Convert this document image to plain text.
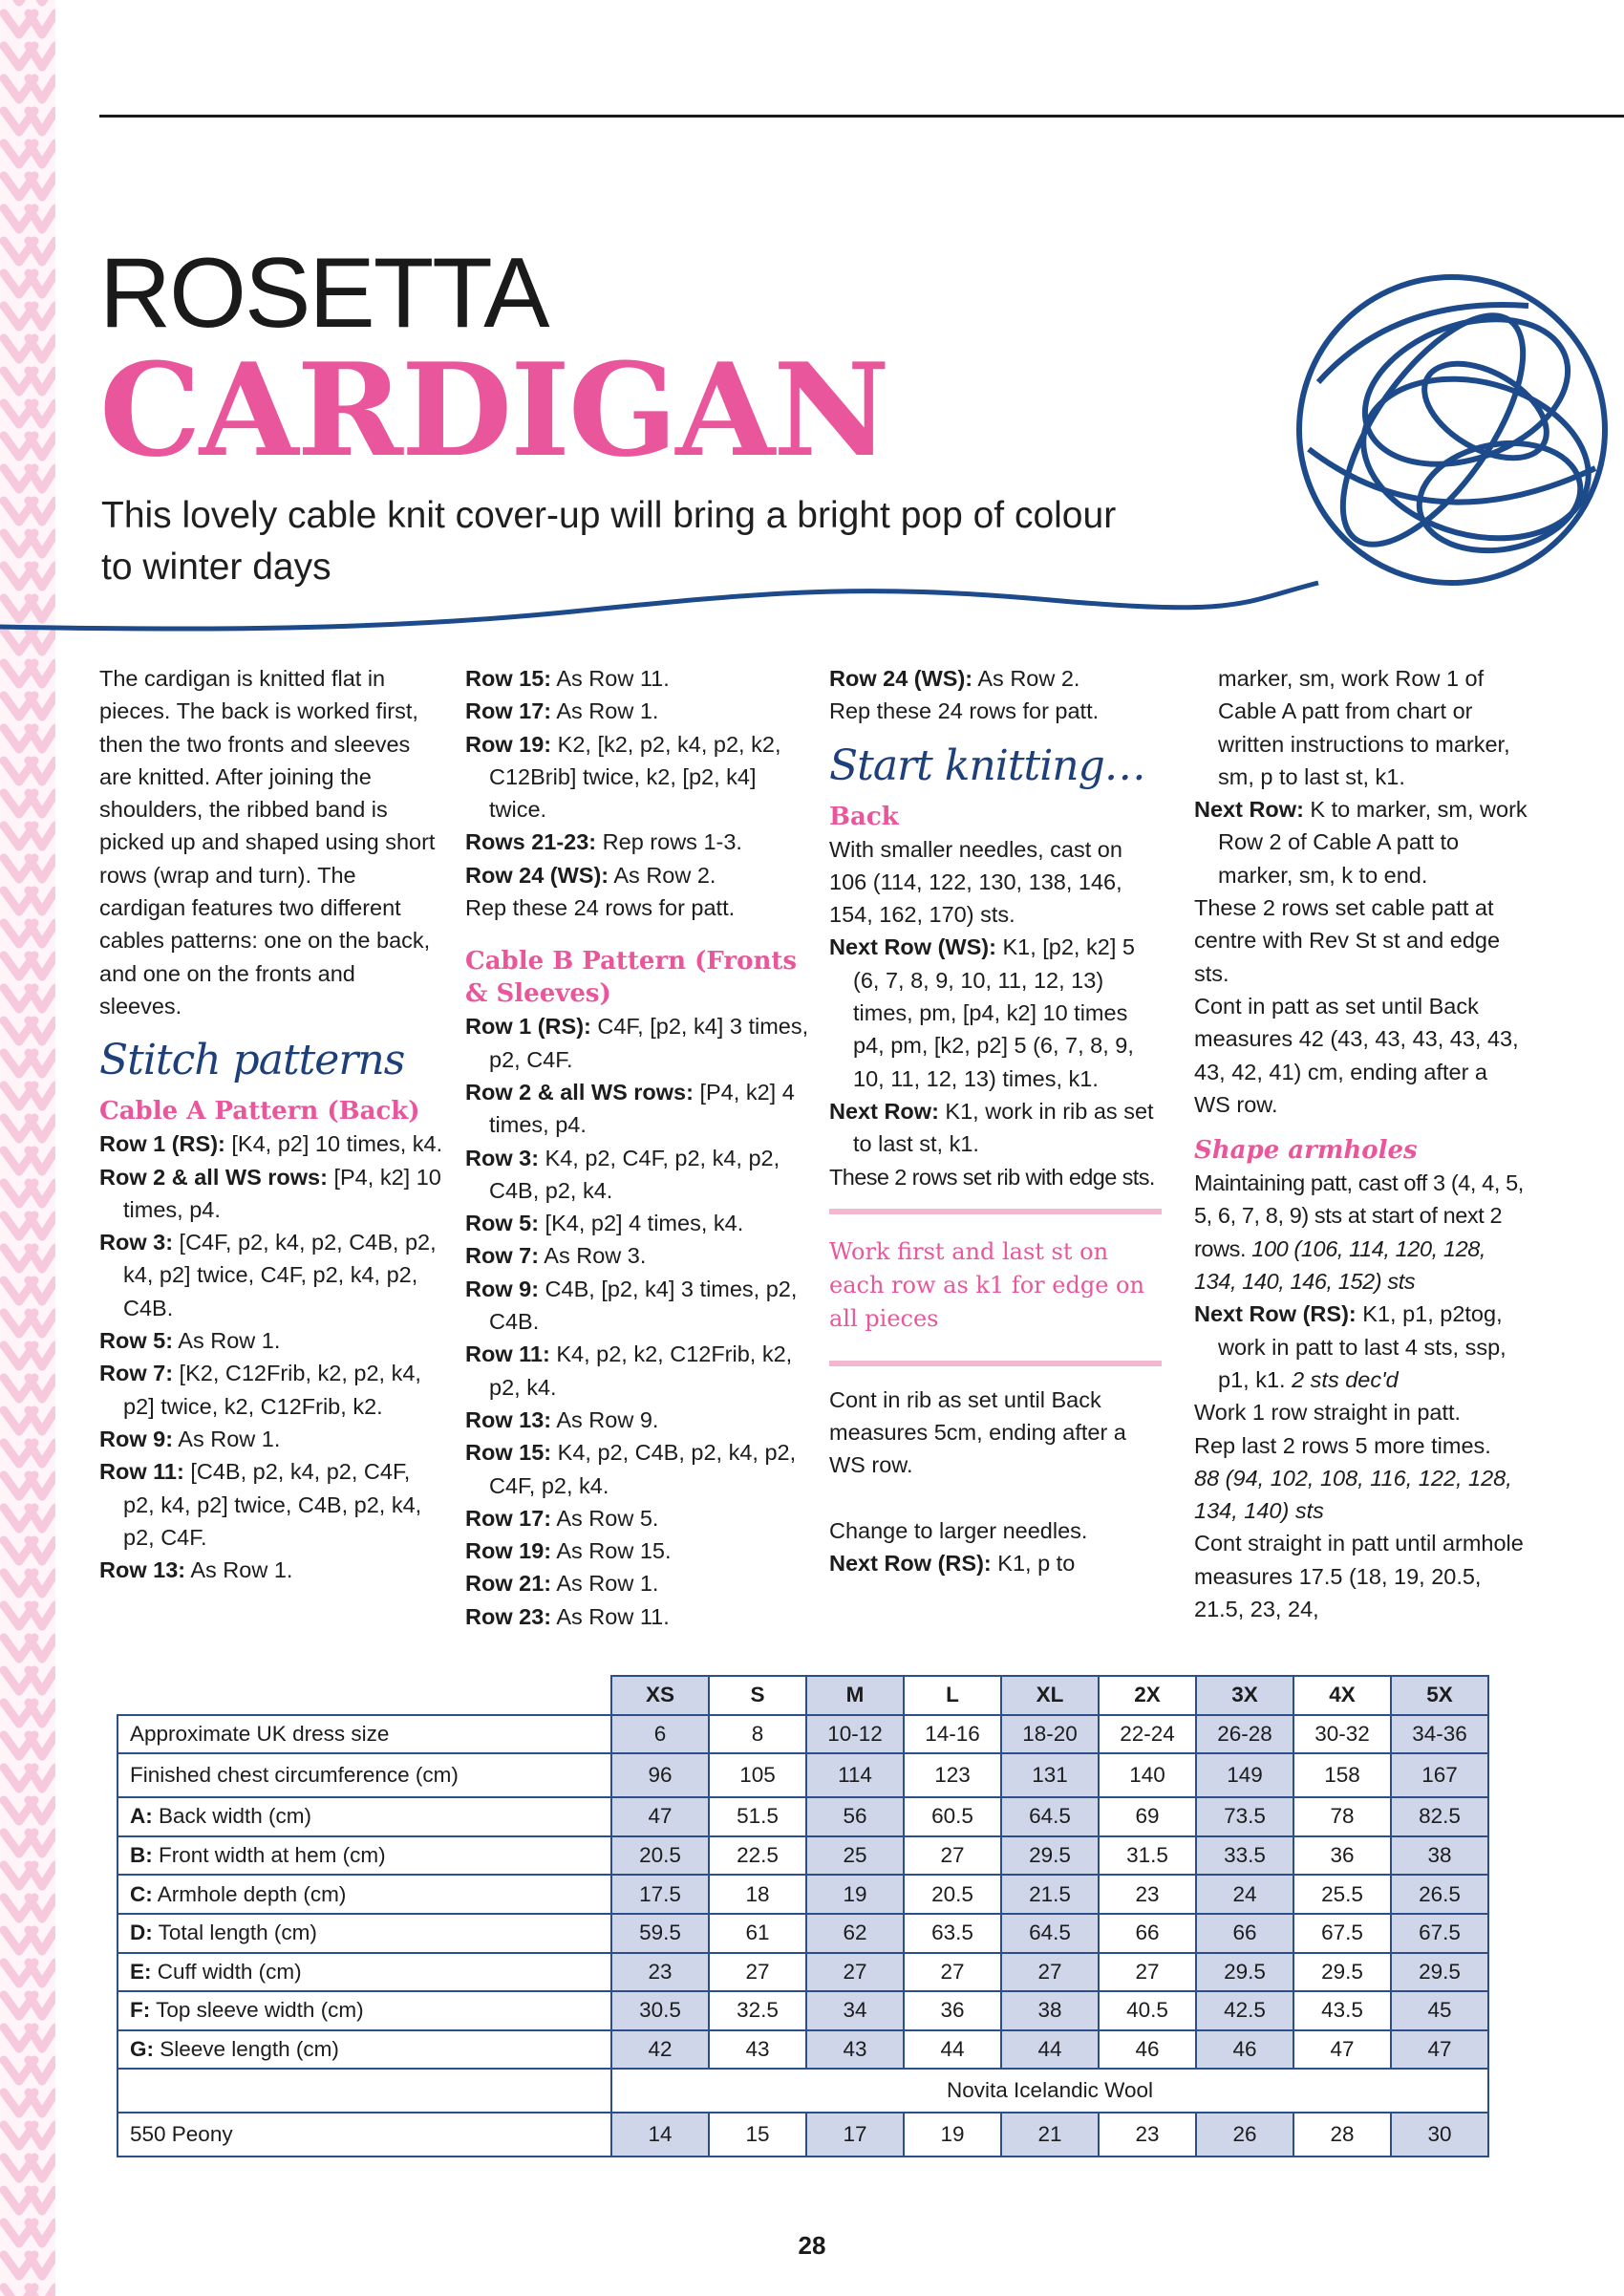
ROSETTA
CARDIGAN
This lovely cable knit cover-up will bring a bright pop of colour to winter days

The cardigan is knitted flat in pieces. The back is worked first, then the two fronts and sleeves are knitted. After joining the shoulders, the ribbed band is picked up and shaped using short rows (wrap and turn). The cardigan features two different cables patterns: one on the back, and one on the fronts and sleeves.

Stitch patterns

Cable A Pattern (Back)

Row 1 (RS): [K4, p2] 10 times, k4.

Row 2 & all WS rows: [P4, k2] 10 times, p4.

Row 3: [C4F, p2, k4, p2, C4B, p2, k4, p2] twice, C4F, p2, k4, p2, C4B.

Row 5: As Row 1.

Row 7: [K2, C12Frib, k2, p2, k4, p2] twice, k2, C12Frib, k2.

Row 9: As Row 1.

Row 11: [C4B, p2, k4, p2, C4F, p2, k4, p2] twice, C4B, p2, k4, p2, C4F.

Row 13: As Row 1.

Row 15: As Row 11.

Row 17: As Row 1.

Row 19: K2, [k2, p2, k4, p2, k2, C12Brib] twice, k2, [p2, k4] twice.

Rows 21-23: Rep rows 1-3.

Row 24 (WS): As Row 2.

Rep these 24 rows for patt.

Cable B Pattern (Fronts & Sleeves)

Row 1 (RS): C4F, [p2, k4] 3 times, p2, C4F.

Row 2 & all WS rows: [P4, k2] 4 times, p4.

Row 3: K4, p2, C4F, p2, k4, p2, C4B, p2, k4.

Row 5: [K4, p2] 4 times, k4.

Row 7: As Row 3.

Row 9: C4B, [p2, k4] 3 times, p2, C4B.

Row 11: K4, p2, k2, C12Frib, k2, p2, k4.

Row 13: As Row 9.

Row 15: K4, p2, C4B, p2, k4, p2, C4F, p2, k4.

Row 17: As Row 5.

Row 19: As Row 15.

Row 21: As Row 1.

Row 23: As Row 11.

Row 24 (WS): As Row 2.

Rep these 24 rows for patt.

Start knitting…

Back

With smaller needles, cast on 106 (114, 122, 130, 138, 146, 154, 162, 170) sts.

Next Row (WS): K1, [p2, k2] 5 (6, 7, 8, 9, 10, 11, 12, 13) times, pm, [p4, k2] 10 times p4, pm, [k2, p2] 5 (6, 7, 8, 9, 10, 11, 12, 13) times, k1.

Next Row: K1, work in rib as set to last st, k1.

These 2 rows set rib with edge sts.

Work first and last st on each row as k1 for edge on all pieces

Cont in rib as set until Back measures 5cm, ending after a WS row.

Change to larger needles.

Next Row (RS): K1, p to

marker, sm, work Row 1 of Cable A patt from chart or written instructions to marker, sm, p to last st, k1.

Next Row: K to marker, sm, work Row 2 of Cable A patt to marker, sm, k to end.

These 2 rows set cable patt at centre with Rev St st and edge sts.

Cont in patt as set until Back measures 42 (43, 43, 43, 43, 43, 43, 42, 41) cm, ending after a WS row.

Shape armholes

Maintaining patt, cast off 3 (4, 4, 5, 5, 6, 7, 8, 9) sts at start of next 2 rows. 100 (106, 114, 120, 128, 134, 140, 146, 152) sts

Next Row (RS): K1, p1, p2tog, work in patt to last 4 sts, ssp, p1, k1. 2 sts dec'd

Work 1 row straight in patt.

Rep last 2 rows 5 more times.

88 (94, 102, 108, 116, 122, 128, 134, 140) sts

Cont straight in patt until armhole measures 17.5 (18, 19, 20.5, 21.5, 23, 24,

	XS	S	M	L	XL	2X	3X	4X	5X
Approximate UK dress size	6	8	10-12	14-16	18-20	22-24	26-28	30-32	34-36
Finished chest circumference (cm)	96	105	114	123	131	140	149	158	167
A: Back width (cm)	47	51.5	56	60.5	64.5	69	73.5	78	82.5
B: Front width at hem (cm)	20.5	22.5	25	27	29.5	31.5	33.5	36	38
C: Armhole depth (cm)	17.5	18	19	20.5	21.5	23	24	25.5	26.5
D: Total length (cm)	59.5	61	62	63.5	64.5	66	66	67.5	67.5
E: Cuff width (cm)	23	27	27	27	27	27	29.5	29.5	29.5
F: Top sleeve width (cm)	30.5	32.5	34	36	38	40.5	42.5	43.5	45
G: Sleeve length (cm)	42	43	43	44	44	46	46	47	47
	Novita Icelandic Wool								
550 Peony	14	15	17	19	21	23	26	28	30
28
